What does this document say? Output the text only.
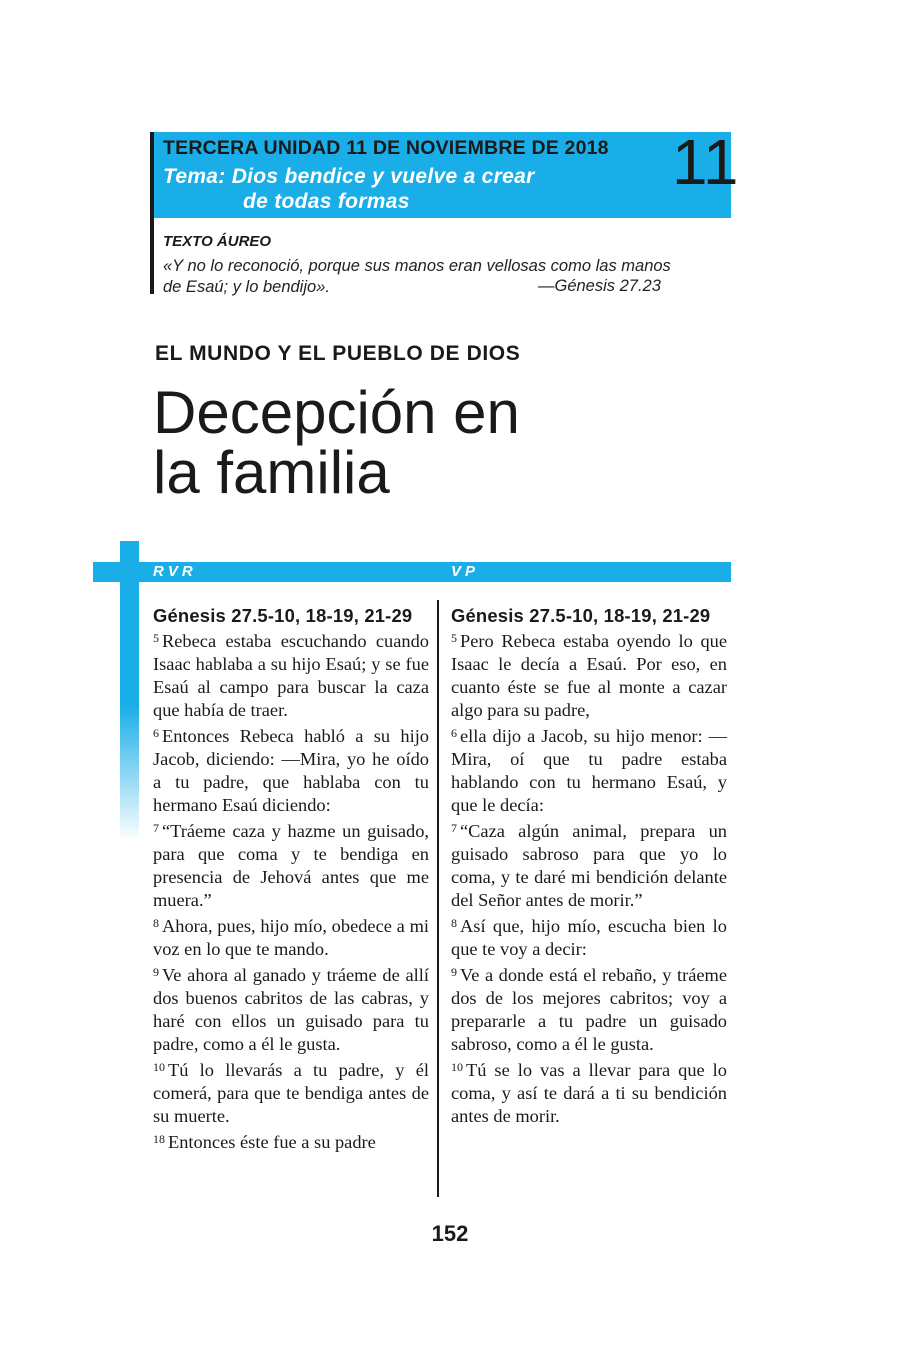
TERCERA UNIDAD 11 DE NOVIEMBRE DE 2018 11
Tema: Dios bendice y vuelve a crear
de todas formas
TEXTO ÁUREO
«Y no lo reconoció, porque sus manos eran vellosas como las manos de Esaú; y lo bendijo».	—Génesis 27.23
EL MUNDO Y EL PUEBLO DE DIOS
Decepción en
la familia
RVR	VP
Génesis 27.5-10, 18-19, 21-29

$^5$ Rebeca estaba escuchando cuando Isaac hablaba a su hijo Esaú; y se fue Esaú al campo para buscar la caza que había de traer.

$^6$ Entonces Rebeca habló a su hijo Jacob, diciendo: —Mira, yo he oído a tu padre, que hablaba con tu hermano Esaú diciendo:

$^7$ “Tráeme caza y hazme un guisado, para que coma y te bendiga en presencia de Jehová antes que me muera.”

$^8$ Ahora, pues, hijo mío, obedece a mi voz en lo que te mando.

$^9$ Ve ahora al ganado y tráeme de allí dos buenos cabritos de las cabras, y haré con ellos un guisado para tu padre, como a él le gusta.

$^{10}$ Tú lo llevarás a tu padre, y él comerá, para que te bendiga antes de su muerte.

$^{18}$ Entonces éste fue a su padre

Génesis 27.5-10, 18-19, 21-29

$^5$ Pero Rebeca estaba oyendo lo que Isaac le decía a Esaú. Por eso, en cuanto éste se fue al monte a cazar algo para su padre,

$^6$ ella dijo a Jacob, su hijo menor: —Mira, oí que tu padre estaba hablando con tu hermano Esaú, y que le decía:

$^7$ “Caza algún animal, prepara un guisado sabroso para que yo lo coma, y te daré mi bendición delante del Señor antes de morir.”

$^8$ Así que, hijo mío, escucha bien lo que te voy a decir:

$^9$ Ve a donde está el rebaño, y tráeme dos de los mejores cabritos; voy a prepararle a tu padre un guisado sabroso, como a él le gusta.

$^{10}$ Tú se lo vas a llevar para que lo coma, y así te dará a ti su bendición antes de morir.

152
